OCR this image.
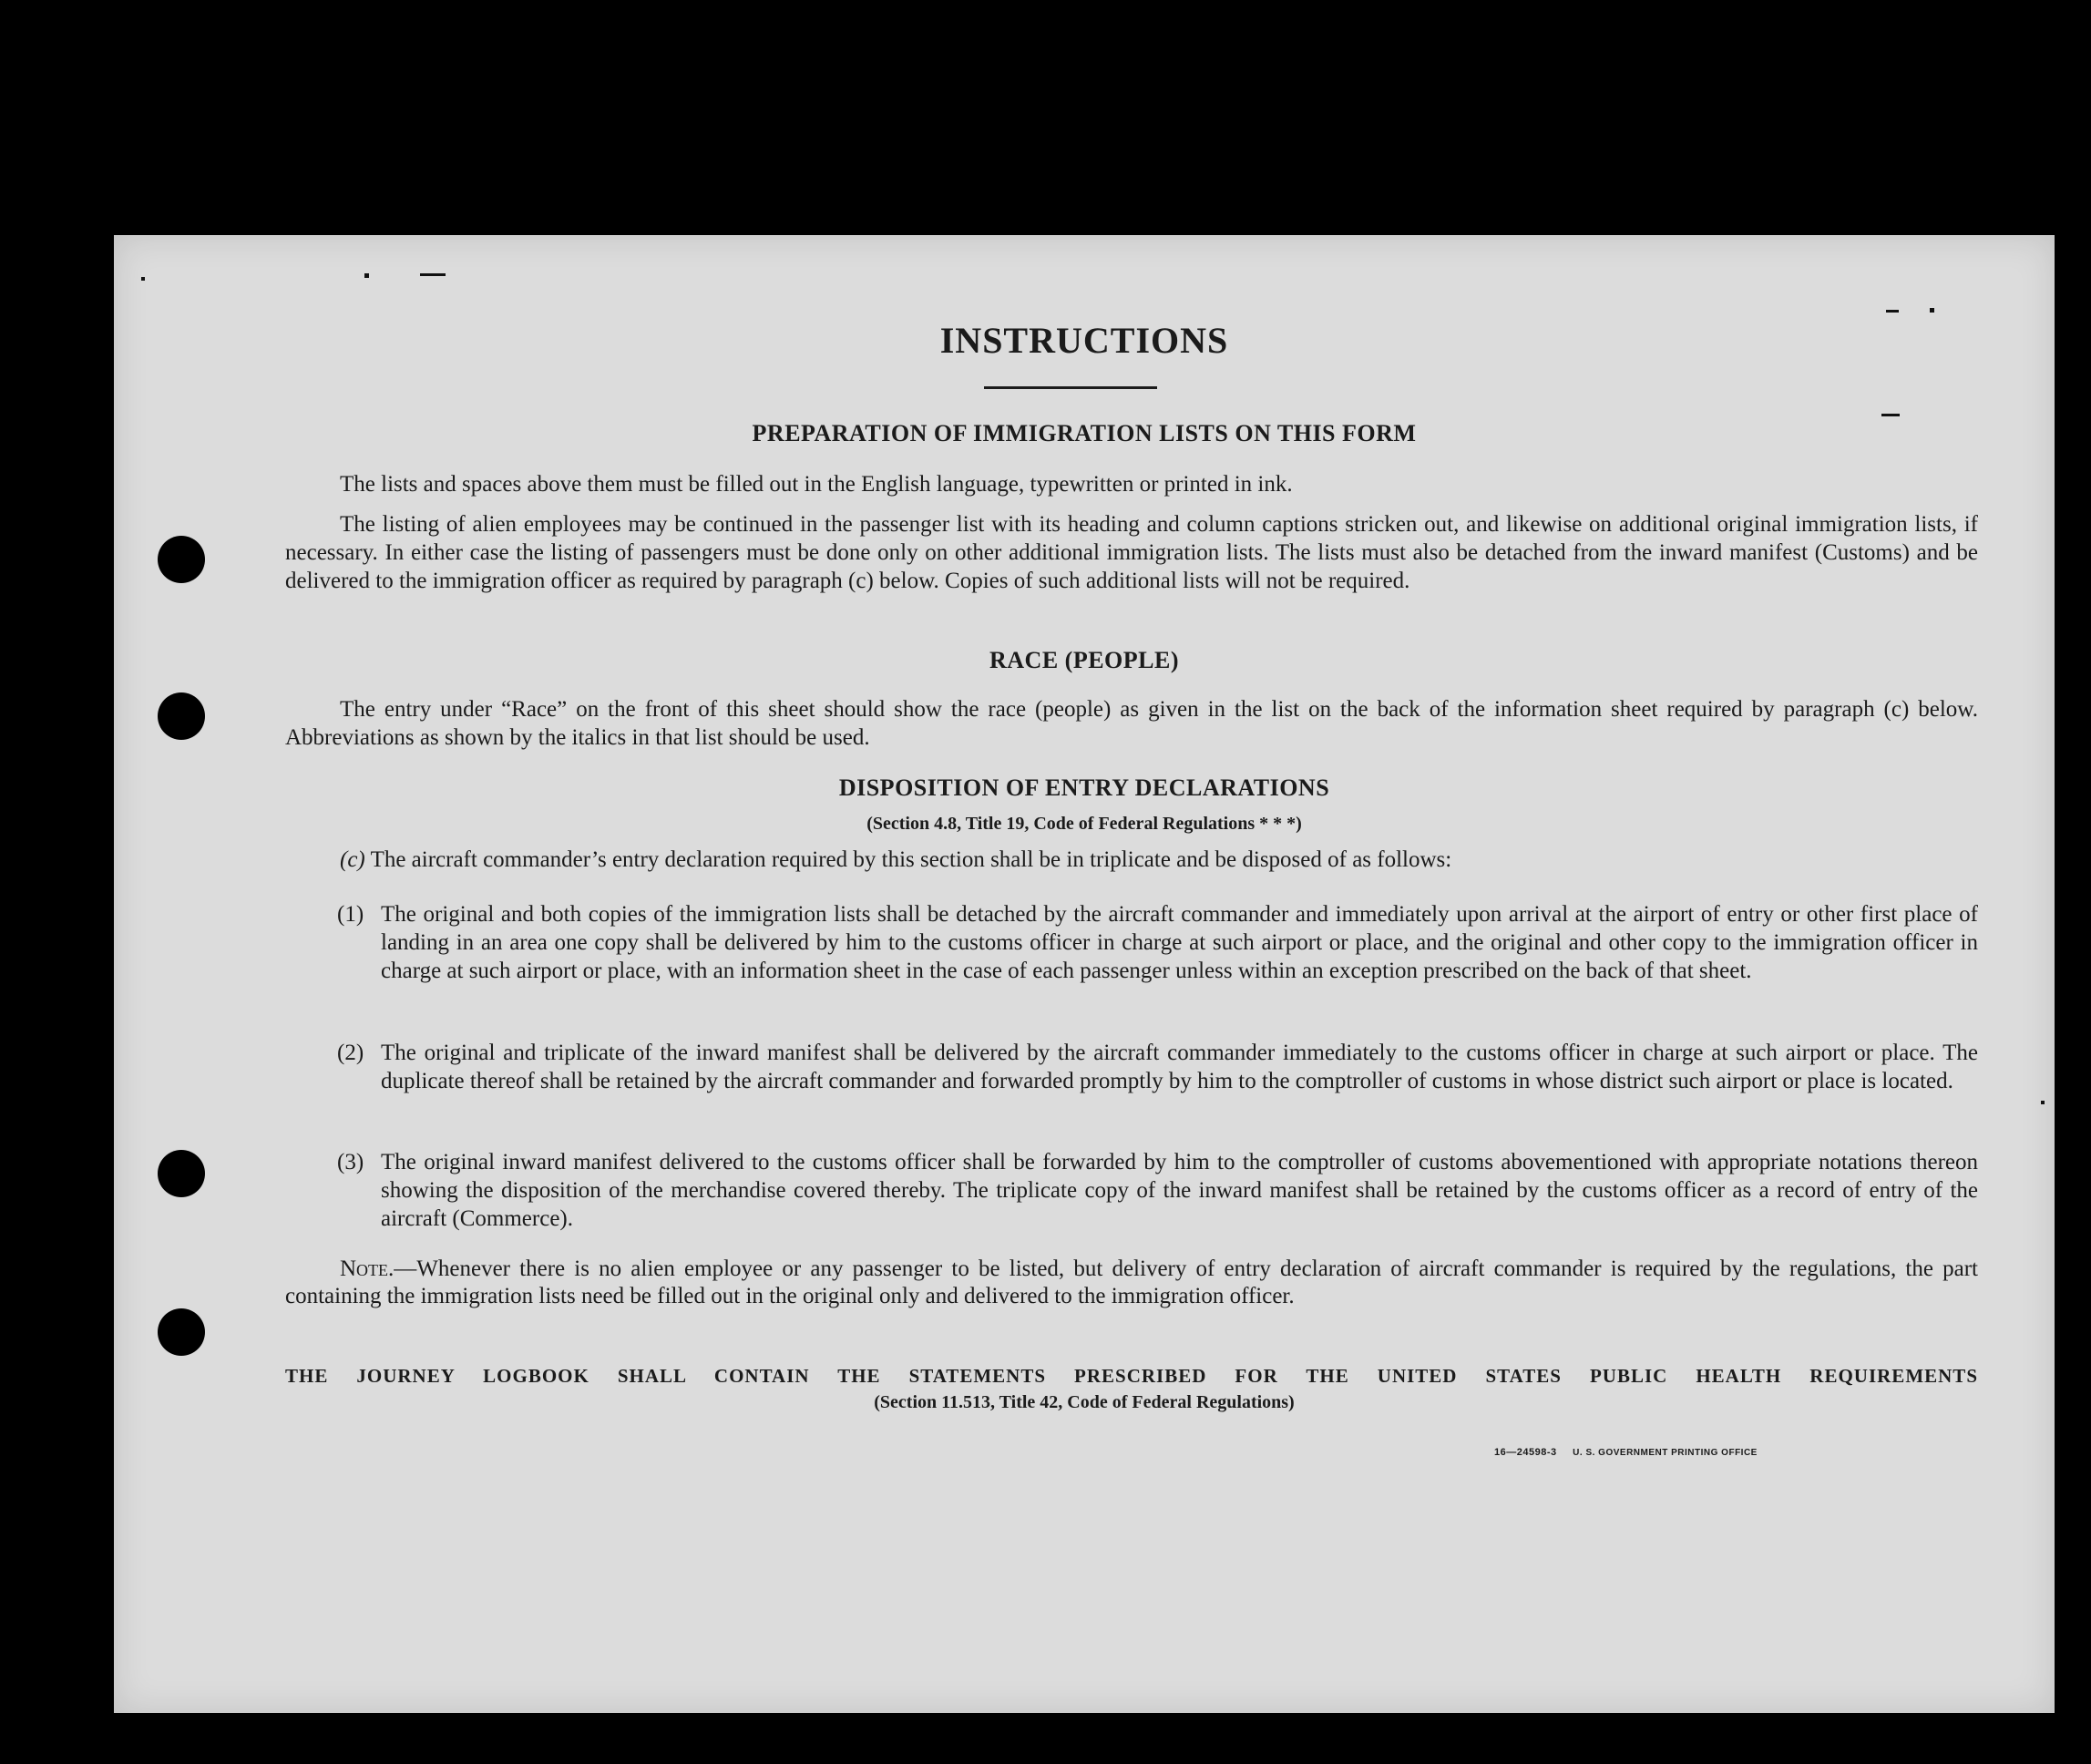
INSTRUCTIONS
PREPARATION OF IMMIGRATION LISTS ON THIS FORM
The lists and spaces above them must be filled out in the English language, typewritten or printed in ink.
The listing of alien employees may be continued in the passenger list with its heading and column captions stricken out, and likewise on additional original immigration lists, if necessary. In either case the listing of passengers must be done only on other additional immigration lists. The lists must also be detached from the inward manifest (Customs) and be delivered to the immigration officer as required by paragraph (c) below. Copies of such additional lists will not be required.
RACE (PEOPLE)
The entry under “Race” on the front of this sheet should show the race (people) as given in the list on the back of the information sheet required by paragraph (c) below. Abbreviations as shown by the italics in that list should be used.
DISPOSITION OF ENTRY DECLARATIONS
(Section 4.8, Title 19, Code of Federal Regulations * * *)
(c) The aircraft commander’s entry declaration required by this section shall be in triplicate and be disposed of as follows:
(1) The original and both copies of the immigration lists shall be detached by the aircraft commander and immediately upon arrival at the airport of entry or other first place of landing in an area one copy shall be delivered by him to the customs officer in charge at such airport or place, and the original and other copy to the immigration officer in charge at such airport or place, with an information sheet in the case of each passenger unless within an exception prescribed on the back of that sheet.
(2) The original and triplicate of the inward manifest shall be delivered by the aircraft commander immediately to the customs officer in charge at such airport or place. The duplicate thereof shall be retained by the aircraft commander and forwarded promptly by him to the comptroller of customs in whose district such airport or place is located.
(3) The original inward manifest delivered to the customs officer shall be forwarded by him to the comptroller of customs abovementioned with appropriate notations thereon showing the disposition of the merchandise covered thereby. The triplicate copy of the inward manifest shall be retained by the customs officer as a record of entry of the aircraft (Commerce).
Note.—Whenever there is no alien employee or any passenger to be listed, but delivery of entry declaration of aircraft commander is required by the regulations, the part containing the immigration lists need be filled out in the original only and delivered to the immigration officer.
THE JOURNEY LOGBOOK SHALL CONTAIN THE STATEMENTS PRESCRIBED FOR THE UNITED STATES PUBLIC HEALTH REQUIREMENTS
(Section 11.513, Title 42, Code of Federal Regulations)
16—24598-3 U. S. GOVERNMENT PRINTING OFFICE
